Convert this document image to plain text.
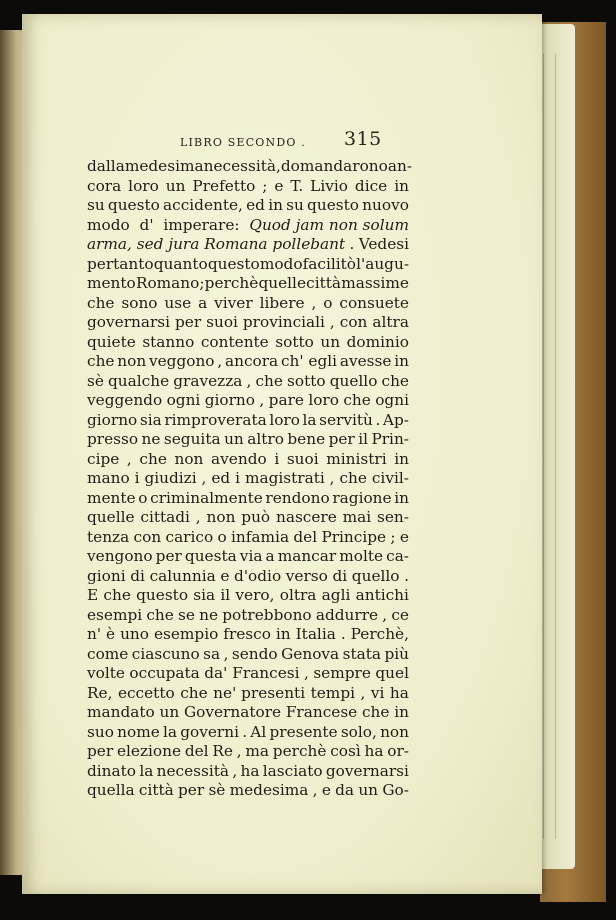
LIBRO SECONDO . 315
dalla medesima necessità , domandarono an-
cora loro un Prefetto ; e T. Livio dice in
su questo accidente, ed in su questo nuovo
modo d' imperare: Quod jam non solum
arma, sed jura Romana pollebant . Vedesi
pertanto quanto questo modo facilitò l'augu-
mento Romano; perchè quelle città massime
che sono use a viver libere , o consuete
governarsi per suoi provinciali , con altra
quiete stanno contente sotto un dominio
che non veggono , ancora ch' egli avesse in
sè qualche gravezza , che sotto quello che
veggendo ogni giorno , pare loro che ogni
giorno sia rimproverata loro la servitù . Ap-
presso ne seguita un altro bene per il Prin-
cipe , che non avendo i suoi ministri in
mano i giudizi , ed i magistrati , che civil-
mente o criminalmente rendono ragione in
quelle cittadi , non può nascere mai sen-
tenza con carico o infamia del Principe ; e
vengono per questa via a mancar molte ca-
gioni di calunnia e d'odio verso di quello .
E che questo sia il vero, oltra agli antichi
esempi che se ne potrebbono addurre , ce
n' è uno esempio fresco in Italia . Perchè,
come ciascuno sa , sendo Genova stata più
volte occupata da' Francesi , sempre quel
Re, eccetto che ne' presenti tempi , vi ha
mandato un Governatore Francese che in
suo nome la governi . Al presente solo, non
per elezione del Re , ma perchè così ha or-
dinato la necessità , ha lasciato governarsi
quella città per sè medesima , e da un Go-
